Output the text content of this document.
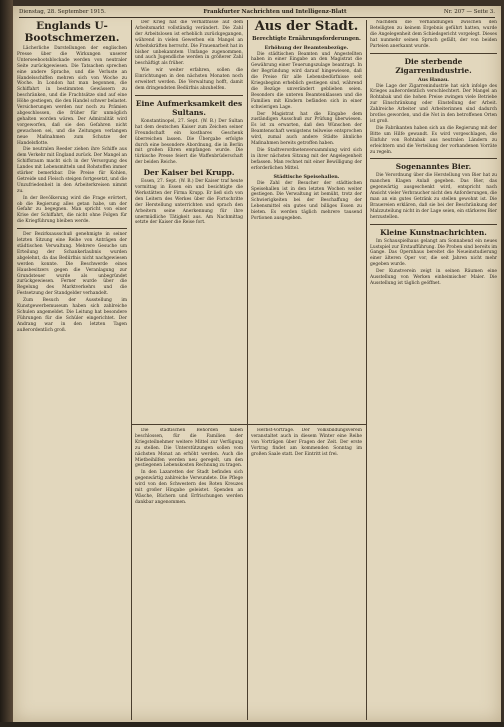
Dienstag, 28. September 1915.	Frankfurter Nachrichten und Intelligenz-Blatt	Nr. 207 — Seite 3.
Englands U-Bootschmerzen.

Lächerliche Darstellungen der englischen Presse über die Wirkungen unserer Unterseebootsblockade werden von neutraler Seite zurückgewiesen. Die Tatsachen sprechen eine andere Sprache, und die Verluste an Handelsschiffen mehren sich von Woche zu Woche. In London hat man begonnen, die Schiffahrt in bestimmten Gewässern zu beschränken, und die Frachtsätze sind auf eine Höhe gestiegen, die den Handel schwer belastet. Versicherungen werden nur noch zu Prämien abgeschlossen, die früher für unmöglich gehalten worden wären. Der Admiralität wird vorgeworfen, daß sie den Gefahren nicht gewachsen sei, und die Zeitungen verlangen neue Maßnahmen zum Schutze der Handelsflotte.

Die neutralen Reeder ziehen ihre Schiffe aus dem Verkehr mit England zurück. Der Mangel an Schiffsraum macht sich in der Versorgung des Landes mit Lebensmitteln und Rohstoffen immer stärker bemerkbar. Die Preise für Kohlen, Getreide und Fleisch steigen fortgesetzt, und die Unzufriedenheit in den Arbeiterkreisen nimmt zu.

In der Bevölkerung wird die Frage erörtert, ob die Regierung alles getan habe, um der Gefahr zu begegnen. Man spricht von einer Krise der Schiffahrt, die nicht ohne Folgen für die Kriegführung bleiben werde.

Der Bezirksausschuß genehmigte in seiner letzten Sitzung eine Reihe von Anträgen der städtischen Verwaltung. Mehrere Gesuche um Erteilung der Schankerlaubnis wurden abgelehnt, da das Bedürfnis nicht nachgewiesen werden konnte. Die Beschwerde eines Hausbesitzers gegen die Veranlagung zur Grundsteuer wurde als unbegründet zurückgewiesen. Ferner wurde über die Regelung des Marktverkehrs und die Festsetzung der Standgelder verhandelt.

Zum Besuch der Ausstellung im Kunstgewerbemuseum haben sich zahlreiche Schulen angemeldet. Die Leitung hat besondere Führungen für die Schüler eingerichtet. Der Andrang war in den letzten Tagen außerordentlich groß.

Der Krieg hat die Verhältnisse auf dem Arbeitsmarkt vollständig verändert. Die Zahl der Arbeitslosen ist erheblich zurückgegangen, während in vielen Gewerben ein Mangel an Arbeitskräften herrscht. Die Frauenarbeit hat in bisher unbekanntem Umfange zugenommen, und auch Jugendliche werden in größerer Zahl beschäftigt als früher.

Wie wir weiter erfahren, sollen die Einrichtungen in den nächsten Monaten noch erweitert werden. Die Verwaltung hofft, damit dem dringendsten Bedürfnis abzuhelfen.

Eine Aufmerksamkeit des Sultans.

Konstantinopel, 27. Sept. (W. B.) Der Sultan hat dem deutschen Kaiser zum Zeichen seiner Freundschaft ein kostbares Geschenk überreichen lassen. Die Übergabe erfolgte durch eine besondere Abordnung, die in Berlin mit großen Ehren empfangen wurde. Die türkische Presse feiert die Waffenbrüderschaft der beiden Reiche.

Der Kaiser bei Krupp.

Essen, 27. Sept. (W. B.) Der Kaiser traf heute vormittag in Essen ein und besichtigte die Werkstätten der Firma Krupp. Er ließ sich von den Leitern des Werkes über die Fortschritte der Herstellung unterrichten und sprach den Arbeitern seine Anerkennung für ihre unermüdliche Tätigkeit aus. Am Nachmittag setzte der Kaiser die Reise fort.

Die städtischen Behörden haben beschlossen, für die Familien der Kriegsteilnehmer weitere Mittel zur Verfügung zu stellen. Die Unterstützungen sollen vom nächsten Monat an erhöht werden. Auch die Mietbeihilfen werden neu geregelt, um den gestiegenen Lebenskosten Rechnung zu tragen.

In den Lazaretten der Stadt befinden sich gegenwärtig zahlreiche Verwundete. Die Pflege wird von den Schwestern des Roten Kreuzes mit großer Hingabe geleistet. Spenden an Wäsche, Büchern und Erfrischungen werden dankbar angenommen.

Aus der Stadt.
Berechtigte Ernährungsforderungen.
Erhöhung der Beamtenbezüge.

Die städtischen Beamten und Angestellten haben in einer Eingabe an den Magistrat die Gewährung einer Teuerungszulage beantragt. In der Begründung wird darauf hingewiesen, daß die Preise für alle Lebensbedürfnisse seit Kriegsbeginn erheblich gestiegen sind, während die Bezüge unverändert geblieben seien. Besonders die unteren Beamtenklassen und die Familien mit Kindern befänden sich in einer schwierigen Lage.

Der Magistrat hat die Eingabe dem zuständigen Ausschuß zur Prüfung überwiesen. Es ist zu erwarten, daß den Wünschen der Beamtenschaft wenigstens teilweise entsprochen wird, zumal auch andere Städte ähnliche Maßnahmen bereits getroffen haben.

Die Stadtverordnetenversammlung wird sich in ihrer nächsten Sitzung mit der Angelegenheit befassen. Man rechnet mit einer Bewilligung der erforderlichen Mittel.

Städtische Speisehallen.

Die Zahl der Besucher der städtischen Speisehallen ist in den letzten Wochen weiter gestiegen. Die Verwaltung ist bemüht, trotz der Schwierigkeiten bei der Beschaffung der Lebensmittel ein gutes und billiges Essen zu bieten. Es werden täglich mehrere tausend Portionen ausgegeben.

Herbst-Vorträge. Der Volksbildungsverein veranstaltet auch in diesem Winter eine Reihe von Vorträgen über Fragen der Zeit. Der erste Vortrag findet am kommenden Sonntag im großen Saale statt. Der Eintritt ist frei.

Nachdem die Verhandlungen zwischen den Beteiligten zu keinem Ergebnis geführt hatten, wurde die Angelegenheit dem Schiedsgericht vorgelegt. Dieses hat nunmehr seinen Spruch gefällt, der von beiden Parteien anerkannt wurde.

Die sterbende Zigarrenindustrie.
Aus Hanau.

Die Lage der Zigarrenindustrie hat sich infolge des Krieges außerordentlich verschlechtert. Der Mangel an Rohtabak und die hohen Preise zwingen viele Betriebe zur Einschränkung oder Einstellung der Arbeit. Zahlreiche Arbeiter und Arbeiterinnen sind dadurch brotlos geworden, und die Not in den betroffenen Orten ist groß.

Die Fabrikanten haben sich an die Regierung mit der Bitte um Hilfe gewandt. Es wird vorgeschlagen, die Einfuhr von Rohtabak aus neutralen Ländern zu erleichtern und die Verteilung der vorhandenen Vorräte zu regeln.

Sogenanntes Bier.

Die Verordnung über die Herstellung von Bier hat zu manchen Klagen Anlaß gegeben. Das Bier, das gegenwärtig ausgeschenkt wird, entspricht nach Ansicht vieler Verbraucher nicht den Anforderungen, die man an ein gutes Getränk zu stellen gewohnt ist. Die Brauereien erklären, daß sie bei der Beschränkung der Malzzuteilung nicht in der Lage seien, ein stärkeres Bier herzustellen.

Kleine Kunstnachrichten.

Im Schauspielhaus gelangt am Sonnabend ein neues Lustspiel zur Erstaufführung. Die Proben sind bereits im Gange. Das Opernhaus bereitet die Neueinstudierung einer älteren Oper vor, die seit Jahren nicht mehr gegeben wurde.

Der Kunstverein zeigt in seinen Räumen eine Ausstellung von Werken einheimischer Maler. Die Ausstellung ist täglich geöffnet.
